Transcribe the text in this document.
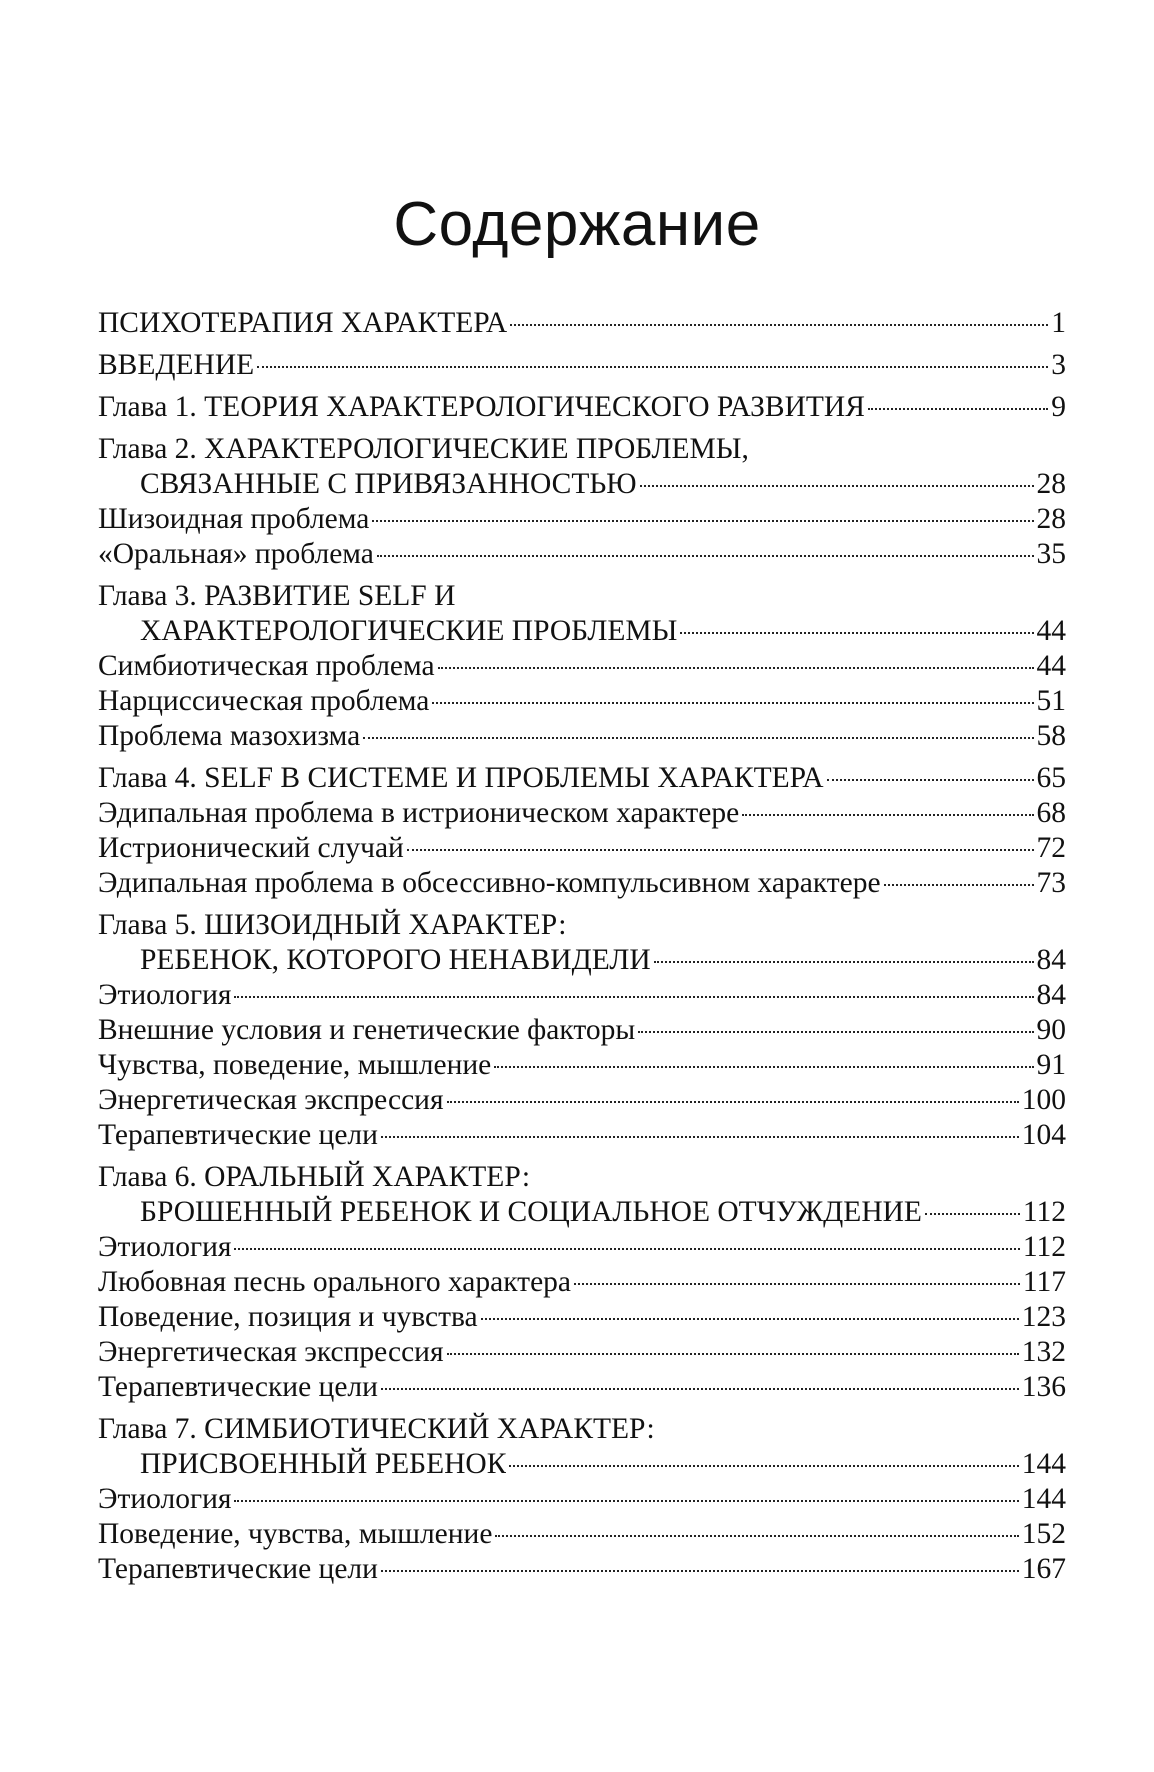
Содержание
ПСИХОТЕРАПИЯ ХАРАКТЕРА	1
ВВЕДЕНИЕ	3
Глава 1. ТЕОРИЯ ХАРАКТЕРОЛОГИЧЕСКОГО РАЗВИТИЯ	9
Глава 2. ХАРАКТЕРОЛОГИЧЕСКИЕ ПРОБЛЕМЫ,
СВЯЗАННЫЕ С ПРИВЯЗАННОСТЬЮ	28
Шизоидная проблема	28
«Оральная» проблема	35
Глава 3. РАЗВИТИЕ SELF И
ХАРАКТЕРОЛОГИЧЕСКИЕ ПРОБЛЕМЫ	44
Симбиотическая проблема	44
Нарциссическая проблема	51
Проблема мазохизма	58
Глава 4. SELF В СИСТЕМЕ И ПРОБЛЕМЫ ХАРАКТЕРА	65
Эдипальная проблема в истрионическом характере	68
Истрионический случай	72
Эдипальная проблема в обсессивно-компульсивном характере	73
Глава 5. ШИЗОИДНЫЙ ХАРАКТЕР:
РЕБЕНОК, КОТОРОГО НЕНАВИДЕЛИ	84
Этиология	84
Внешние условия и генетические факторы	90
Чувства, поведение, мышление	91
Энергетическая экспрессия	100
Терапевтические цели	104
Глава 6. ОРАЛЬНЫЙ ХАРАКТЕР:
БРОШЕННЫЙ РЕБЕНОК И СОЦИАЛЬНОЕ ОТЧУЖДЕНИЕ	112
Этиология	112
Любовная песнь орального характера	117
Поведение, позиция и чувства	123
Энергетическая экспрессия	132
Терапевтические цели	136
Глава 7. СИМБИОТИЧЕСКИЙ ХАРАКТЕР:
ПРИСВОЕННЫЙ РЕБЕНОК	144
Этиология	144
Поведение, чувства, мышление	152
Терапевтические цели	167
